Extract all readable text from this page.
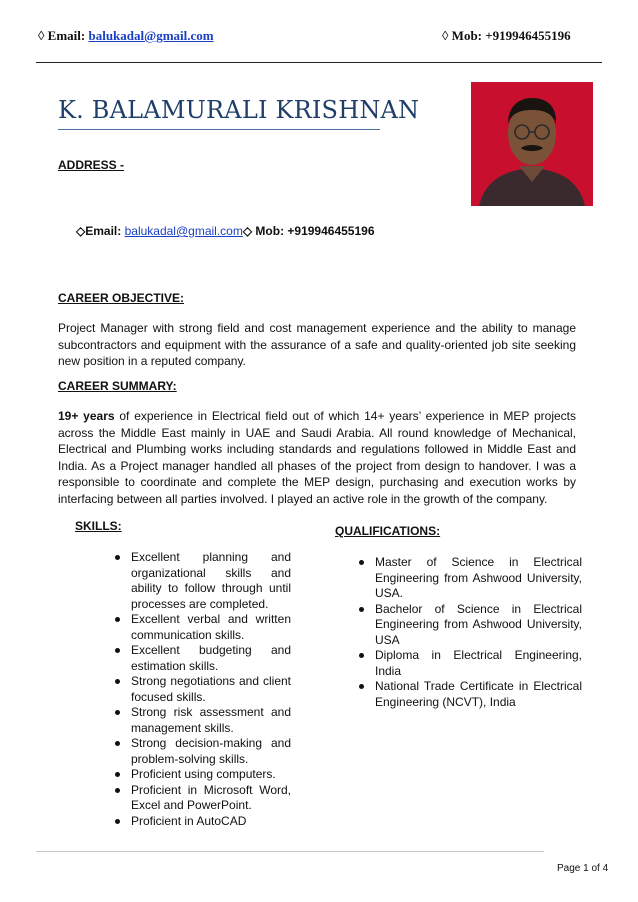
◊ Email: balukadal@gmail.com	◊ Mob: +919946455196
K. BALAMURALI KRISHNAN
ADDRESS -
◇Email: balukadal@gmail.com◇ Mob: +919946455196
CAREER OBJECTIVE:
Project Manager with strong field and cost management experience and the ability to manage subcontractors and equipment with the assurance of a safe and quality-oriented job site seeking new position in a reputed company.
CAREER SUMMARY:
19+ years of experience in Electrical field out of which 14+ years’ experience in MEP projects across the Middle East mainly in UAE and Saudi Arabia. All round knowledge of Mechanical, Electrical and Plumbing works including standards and regulations followed in Middle East and India. As a Project manager handled all phases of the project from design to handover. I was a responsible to coordinate and complete the MEP design, purchasing and execution works by interfacing between all parties involved. I played an active role in the growth of the company.
SKILLS:
Excellent planning and organizational skills and ability to follow through until processes are completed.
Excellent verbal and written communication skills.
Excellent budgeting and estimation skills.
Strong negotiations and client focused skills.
Strong risk assessment and management skills.
Strong decision-making and problem-solving skills.
Proficient using computers.
Proficient in Microsoft Word, Excel and PowerPoint.
Proficient in AutoCAD
QUALIFICATIONS:
Master of Science in Electrical Engineering from Ashwood University, USA.
Bachelor of Science in Electrical Engineering from Ashwood University, USA
Diploma in Electrical Engineering, India
National Trade Certificate in Electrical Engineering (NCVT), India
Page 1 of 4
